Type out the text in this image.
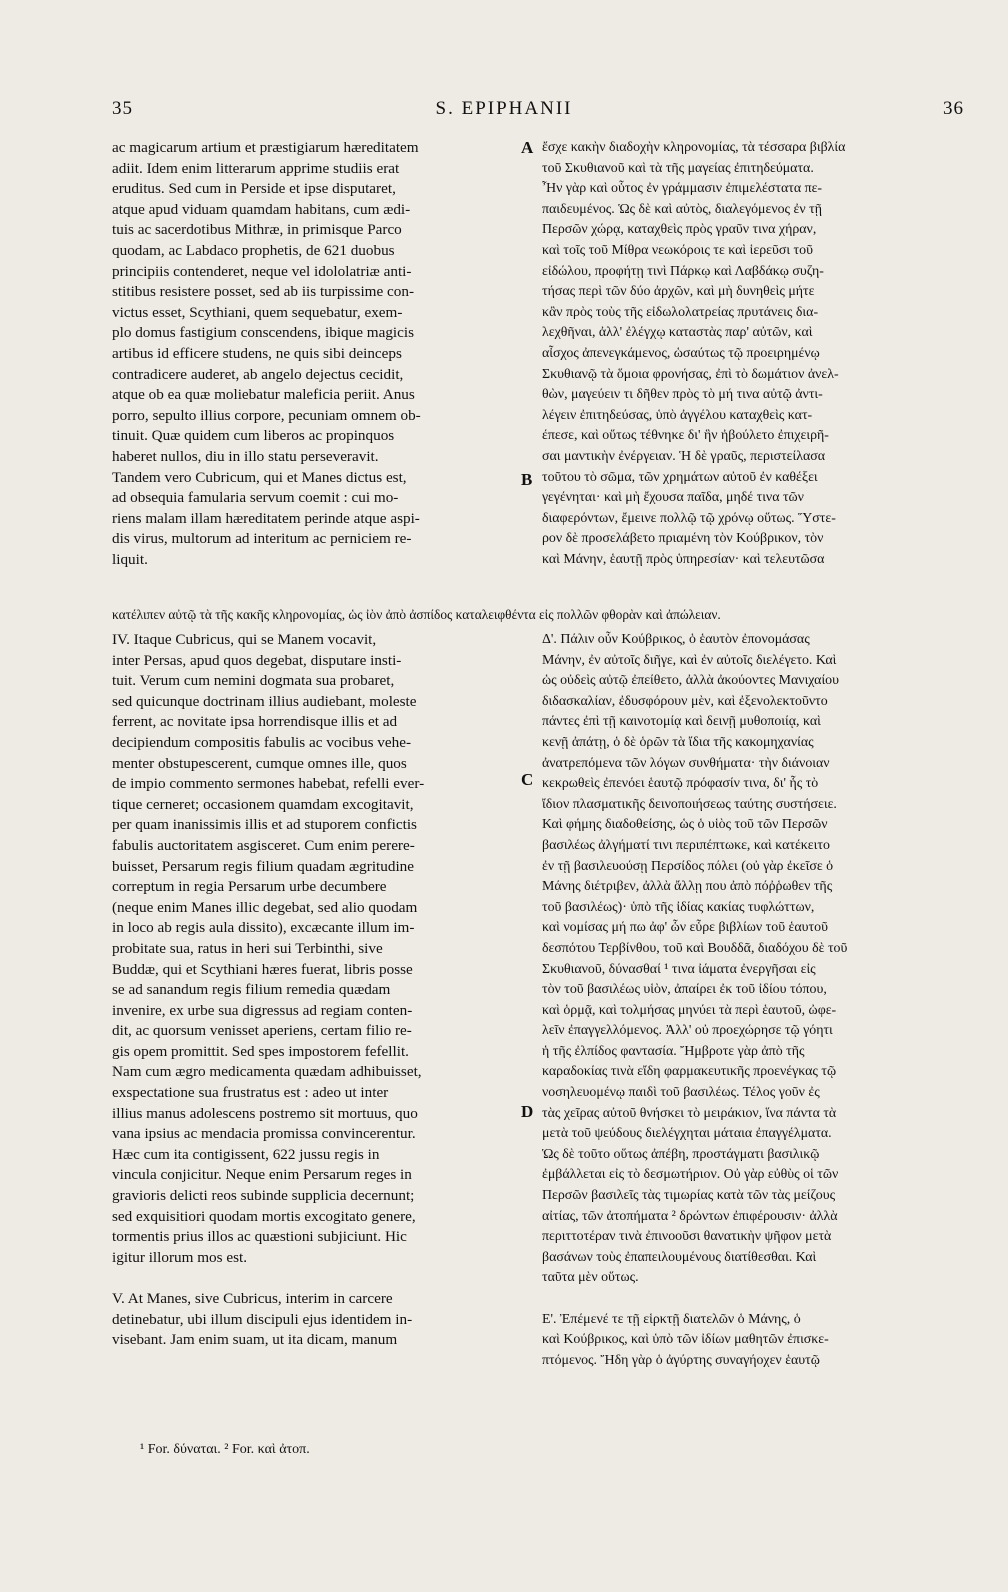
35	S. EPIPHANII	36
ac magicarum artium et præstigiarum hæreditatem
adiit. Idem enim litterarum apprime studiis erat
eruditus. Sed cum in Perside et ipse disputaret,
atque apud viduam quamdam habitans, cum ædi-
tuis ac sacerdotibus Mithræ, in primisque Parco
quodam, ac Labdaco prophetis, de 621 duobus
principiis contenderet, neque vel idololatriæ anti-
stitibus resistere posset, sed ab iis turpissime con-
victus esset, Scythiani, quem sequebatur, exem-
plo domus fastigium conscendens, ibique magicis
artibus id efficere studens, ne quis sibi deinceps
contradicere auderet, ab angelo dejectus cecidit,
atque ob ea quæ moliebatur maleficia periit. Anus
porro, sepulto illius corpore, pecuniam omnem ob-
tinuit. Quæ quidem cum liberos ac propinquos
haberet nullos, diu in illo statu perseveravit.
Tandem vero Cubricum, qui et Manes dictus est,
ad obsequia famularia servum coemit : cui mo-
riens malam illam hæreditatem perinde atque aspi-
dis virus, multorum ad interitum ac perniciem re-
liquit.
ἔσχε κακὴν διαδοχὴν κληρονομίας, τὰ τέσσαρα βιβλία
τοῦ Σκυθιανοῦ καὶ τὰ τῆς μαγείας ἐπιτηδεύματα.
Ἦν γὰρ καὶ οὗτος ἐν γράμμασιν ἐπιμελέστατα πε-
παιδευμένος. Ὡς δὲ καὶ αὐτὸς, διαλεγόμενος ἐν τῇ
Περσῶν χώρᾳ, καταχθεὶς πρὸς γραῦν τινα χήραν,
καὶ τοῖς τοῦ Μίθρα νεωκόροις τε καὶ ἱερεῦσι τοῦ
εἰδώλου, προφήτῃ τινὶ Πάρκῳ καὶ Λαβδάκῳ συζη-
τήσας περὶ τῶν δύο ἀρχῶν, καὶ μὴ δυνηθεὶς μήτε
κἂν πρὸς τοὺς τῆς εἰδωλολατρείας πρυτάνεις δια-
λεχθῆναι, ἀλλ' ἐλέγχῳ καταστὰς παρ' αὐτῶν, καὶ
αἶσχος ἀπενεγκάμενος, ὡσαύτως τῷ προειρημένῳ
Σκυθιανῷ τὰ ὅμοια φρονήσας, ἐπὶ τὸ δωμάτιον ἀνελ-
θὼν, μαγεύειν τι δῆθεν πρὸς τὸ μή τινα αὐτῷ ἀντι-
λέγειν ἐπιτηδεύσας, ὑπὸ ἀγγέλου καταχθεὶς κατ-
έπεσε, καὶ οὕτως τέθνηκε δι' ἣν ἠβούλετο ἐπιχειρῆ-
σαι μαντικὴν ἐνέργειαν. Ἡ δὲ γραῦς, περιστείλασα
τοῦτου τὸ σῶμα, τῶν χρημάτων αὐτοῦ ἐν καθέξει
γεγένηται· καὶ μὴ ἔχουσα παῖδα, μηδέ τινα τῶν
διαφερόντων, ἔμεινε πολλῷ τῷ χρόνῳ οὕτως. Ὕστε-
ρον δὲ προσελάβετο πριαμένη τὸν Κούβρικον, τὸν
καὶ Μάνην, ἑαυτῇ πρὸς ὑπηρεσίαν· καὶ τελευτῶσα
A
B
C
D
κατέλιπεν αὐτῷ τὰ τῆς κακῆς κληρονομίας, ὡς ἰὸν ἀπὸ ἀσπίδος καταλειφθέντα εἰς πολλῶν φθορὰν καὶ ἀπώλειαν.
IV. Itaque Cubricus, qui se Manem vocavit,
inter Persas, apud quos degebat, disputare insti-
tuit. Verum cum nemini dogmata sua probaret,
sed quicunque doctrinam illius audiebant, moleste
ferrent, ac novitate ipsa horrendisque illis et ad
decipiendum compositis fabulis ac vocibus vehe-
menter obstupescerent, cumque omnes ille, quos
de impio commento sermones habebat, refelli ever-
tique cerneret; occasionem quamdam excogitavit,
per quam inanissimis illis et ad stuporem confictis
fabulis auctoritatem asgisceret. Cum enim perere-
buisset, Persarum regis filium quadam ægritudine
correptum in regia Persarum urbe decumbere
(neque enim Manes illic degebat, sed alio quodam
in loco ab regis aula dissito), excæcante illum im-
probitate sua, ratus in heri sui Terbinthi, sive
Buddæ, qui et Scythiani hæres fuerat, libris posse
se ad sanandum regis filium remedia quædam
invenire, ex urbe sua digressus ad regiam conten-
dit, ac quorsum venisset aperiens, certam filio re-
gis opem promittit. Sed spes impostorem fefellit.
Nam cum ægro medicamenta quædam adhibuisset,
exspectatione sua frustratus est : adeo ut inter
illius manus adolescens postremo sit mortuus, quo
vana ipsius ac mendacia promissa convincerentur.
Hæc cum ita contigissent, 622 jussu regis in
vincula conjicitur. Neque enim Persarum reges in
gravioris delicti reos subinde supplicia decernunt;
sed exquisitiori quodam mortis excogitato genere,
tormentis prius illos ac quæstioni subjiciunt. Hic
igitur illorum mos est.
V. At Manes, sive Cubricus, interim in carcere
detinebatur, ubi illum discipuli ejus identidem in-
visebant. Jam enim suam, ut ita dicam, manum
Δ'. Πάλιν οὖν Κούβρικος, ὁ ἑαυτὸν ἐπονομάσας
Μάνην, ἐν αὐτοῖς διῆγε, καὶ ἐν αὐτοῖς διελέγετο. Καὶ
ὡς οὐδεὶς αὐτῷ ἐπείθετο, ἀλλὰ ἀκούοντες Μανιχαίου
διδασκαλίαν, ἐδυσφόρουν μὲν, καὶ ἐξενολεκτοῦντο
πάντες ἐπὶ τῇ καινοτομίᾳ καὶ δεινῇ μυθοποιίᾳ, καὶ
κενῇ ἀπάτῃ, ὁ δὲ ὁρῶν τὰ ἴδια τῆς κακομηχανίας
ἀνατρεπόμενα τῶν λόγων συνθήματα· τὴν διάνοιαν
κεκρωθεὶς ἐπενόει ἑαυτῷ πρόφασίν τινα, δι' ἧς τὸ
ἴδιον πλασματικῆς δεινοποιήσεως ταύτης συστήσειε.
Καὶ φήμης διαδοθείσης, ὡς ὁ υἱὸς τοῦ τῶν Περσῶν
βασιλέως ἀλγήματί τινι περιπέπτωκε, καὶ κατέκειτο
ἐν τῇ βασιλευούσῃ Περσίδος πόλει (οὐ γὰρ ἐκεῖσε ὁ
Μάνης διέτριβεν, ἀλλὰ ἄλλῃ που ἀπὸ πόῤῥωθεν τῆς
τοῦ βασιλέως)· ὑπὸ τῆς ἰδίας κακίας τυφλώττων,
καὶ νομίσας μή πω ἀφ' ὧν εὗρε βιβλίων τοῦ ἑαυτοῦ
δεσπότου Τερβίνθου, τοῦ καὶ Βουδδᾶ, διαδόχου δὲ τοῦ
Σκυθιανοῦ, δύνασθαί ¹ τινα ἰάματα ἐνεργῆσαι εἰς
τὸν τοῦ βασιλέως υἱὸν, ἀπαίρει ἐκ τοῦ ἰδίου τόπου,
καὶ ὁρμᾷ, καὶ τολμήσας μηνύει τὰ περὶ ἑαυτοῦ, ὠφε-
λεῖν ἐπαγγελλόμενος. Ἀλλ' οὐ προεχώρησε τῷ γόητι
ἡ τῆς ἐλπίδος φαντασία. Ἤμβροτε γὰρ ἀπὸ τῆς
καραδοκίας τινὰ εἴδη φαρμακευτικῆς προενέγκας τῷ
νοσηλευομένῳ παιδὶ τοῦ βασιλέως. Τέλος γοῦν ἐς
τὰς χεῖρας αὐτοῦ θνήσκει τὸ μειράκιον, ἵνα πάντα τὰ
μετὰ τοῦ ψεύδους διελέγχηται μάταια ἐπαγγέλματα.
Ὡς δὲ τοῦτο οὕτως ἀπέβη, προστάγματι βασιλικῷ
ἐμβάλλεται εἰς τὸ δεσμωτήριον. Οὐ γὰρ εὐθὺς οἱ τῶν
Περσῶν βασιλεῖς τὰς τιμωρίας κατὰ τῶν τὰς μείζους
αἰτίας, τῶν ἀτοπήματα ² δρώντων ἐπιφέρουσιν· ἀλλὰ
περιττοτέραν τινὰ ἐπινοοῦσι θανατικὴν ψῆφον μετὰ
βασάνων τοὺς ἐπαπειλουμένους διατίθεσθαι. Καὶ
ταῦτα μὲν οὕτως.
Ε'. Ἐπέμενέ τε τῇ εἱρκτῇ διατελῶν ὁ Μάνης, ὁ
καὶ Κούβρικος, καὶ ὑπὸ τῶν ἰδίων μαθητῶν ἐπισκε-
πτόμενος. Ἤδη γὰρ ὁ ἀγύρτης συναγήοχεν ἑαυτῷ
¹ For. δύναται. ² For. καὶ ἀτοπ.
